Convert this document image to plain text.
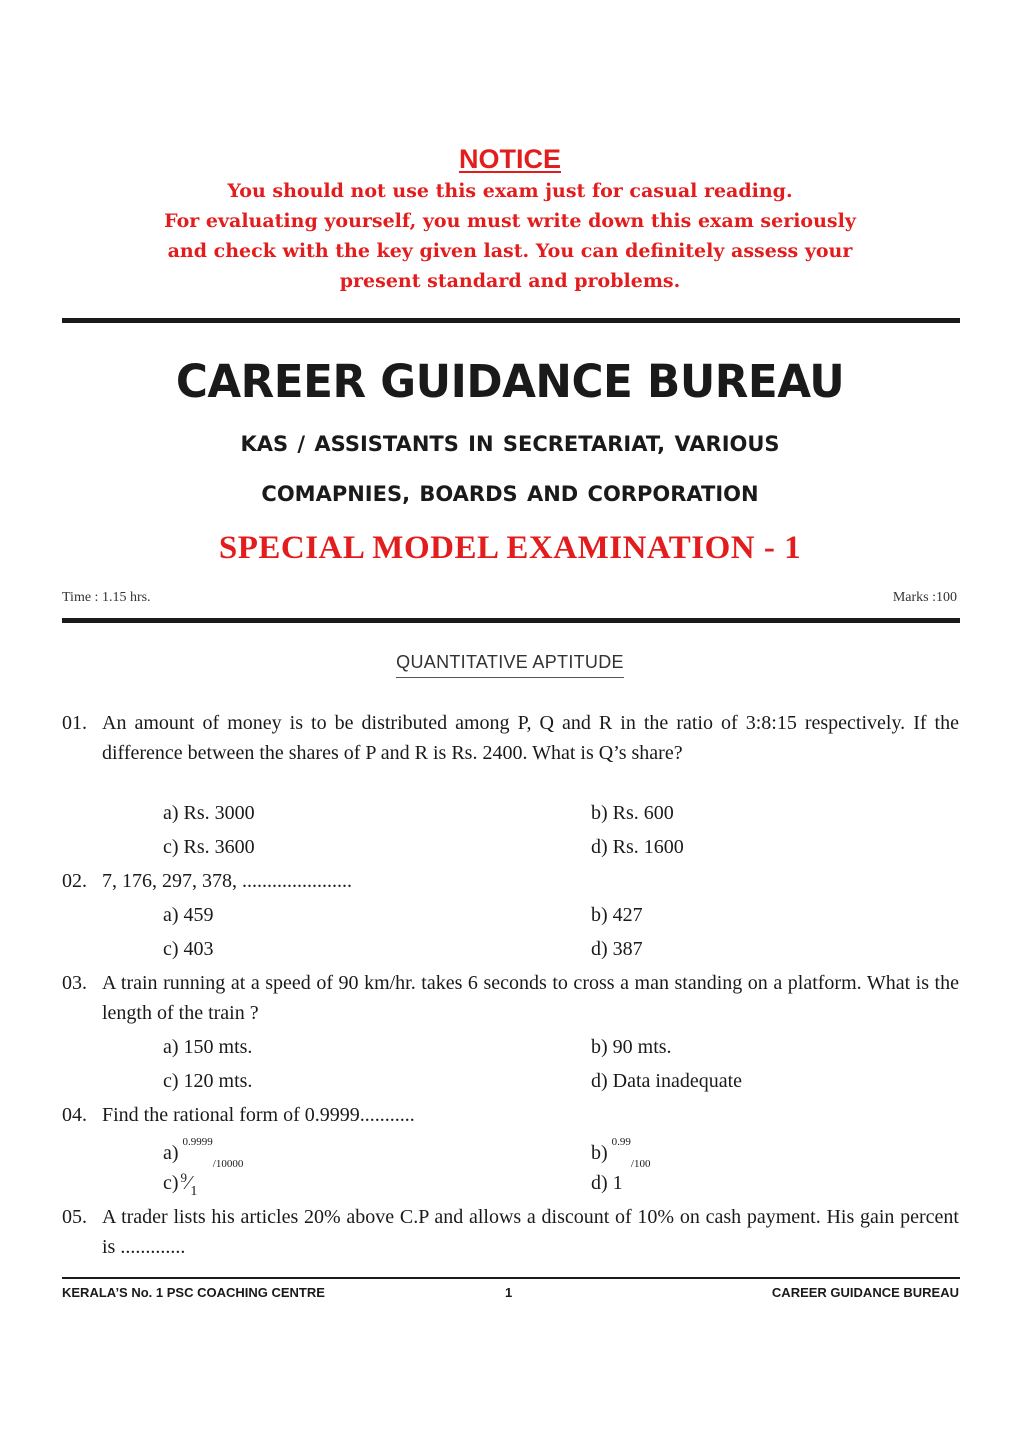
NOTICE
You should not use this exam just for casual reading.
For evaluating yourself, you must write down this exam seriously
and check with the key given last. You can definitely assess your
present standard and problems.
CAREER GUIDANCE BUREAU
KAS / ASSISTANTS IN SECRETARIAT, VARIOUS
COMAPNIES, BOARDS AND CORPORATION
SPECIAL MODEL EXAMINATION - 1
Time : 1.15 hrs.	Marks :100
QUANTITATIVE APTITUDE
01. An amount of money is to be distributed among P, Q and R in the ratio of 3:8:15 respectively. If the difference between the shares of P and R is Rs. 2400. What is Q’s share?
a) Rs. 3000	b) Rs. 600
c) Rs. 3600	d) Rs. 1600
02. 7, 176, 297, 378, ......................
a) 459	b) 427
c) 403	d) 387
03. A train running at a speed of 90 km/hr. takes 6 seconds to cross a man standing on a platform. What is the length of the train ?
a) 150 mts.	b) 90 mts.
c) 120 mts.	d) Data inadequate
04. Find the rational form of 0.9999...........
a) $^{0.9999}_{/10000}$	b) $^{0.99}_{/100}$
c) $^9⁄_1$	d) 1
05. A trader lists his articles 20% above C.P and allows a discount of 10% on cash payment. His gain percent is .............
KERALA’S No. 1 PSC COACHING CENTRE	1	CAREER GUIDANCE BUREAU
